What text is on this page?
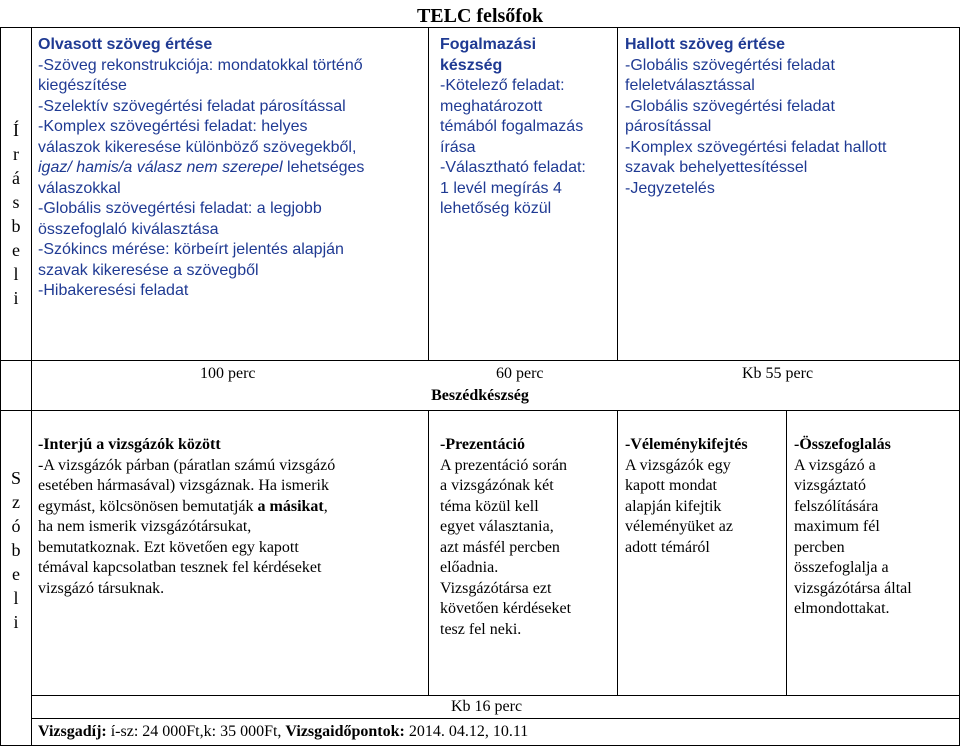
TELC felsőfok
Í
r
á
s
b
e
l
i
S
z
ó
b
e
l
i
Olvasott szöveg értése
-Szöveg rekonstrukciója: mondatokkal történő
kiegészítése
-Szelektív szövegértési feladat párosítással
-Komplex szövegértési feladat: helyes
válaszok kikeresése különböző szövegekből,
igaz/ hamis/a válasz nem szerepel lehetséges
válaszokkal
-Globális szövegértési feladat: a legjobb
összefoglaló kiválasztása
-Szókincs mérése: körbeírt jelentés alapján
szavak kikeresése a szövegből
-Hibakeresési feladat
Fogalmazási
készség
-Kötelező feladat:
meghatározott
témából fogalmazás
írása
-Választható feladat:
1 levél megírás 4
lehetőség közül
Hallott szöveg értése
-Globális szövegértési feladat
feleletválasztással
-Globális szövegértési feladat
párosítással
-Komplex szövegértési feladat hallott
szavak behelyettesítéssel
-Jegyzetelés
100 perc	60 perc	Kb 55 perc
Beszédkészség
-Interjú a vizsgázók között
-A vizsgázók párban (páratlan számú vizsgázó
esetében hármasával) vizsgáznak. Ha ismerik
egymást, kölcsönösen bemutatják a másikat,
ha nem ismerik vizsgázótársukat,
bemutatkoznak. Ezt követően egy kapott
témával kapcsolatban tesznek fel kérdéseket
vizsgázó társuknak.
-Prezentáció
A prezentáció során
a vizsgázónak két
téma közül kell
egyet választania,
azt másfél percben
előadnia.
Vizsgázótársa ezt
követően kérdéseket
tesz fel neki.
-Véleménykifejtés
A vizsgázók egy
kapott mondat
alapján kifejtik
véleményüket az
adott témáról
-Összefoglalás
A vizsgázó a
vizsgáztató
felszólítására
maximum fél
percben
összefoglalja a
vizsgázótársa által
elmondottakat.
Kb 16 perc
Vizsgadíj: í-sz: 24 000Ft,k: 35 000Ft, Vizsgaidőpontok: 2014. 04.12, 10.11
